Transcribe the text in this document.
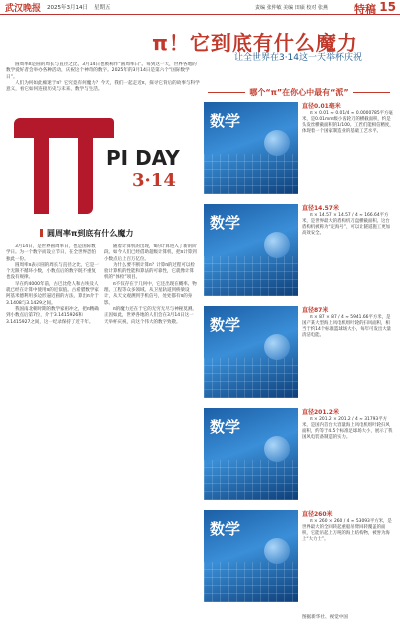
武汉晚报 2025年3月14日 星期五	责编 张仲敏 美编 田硕 校对 张燕 特稿 15
π！它到底有什么魔力
让全世界在3·14这一天举杯庆祝

圆周率π是圆的周长与直径之比，3月14日也被称作“圆周率日”。每到这一天，世界各地的数学爱好者会举办各种活动，庆祝这个神奇的数字。2025年的3月14日是第六个“国际数学日”。

人们为何如此痴迷于π？它究竟有何魔力？今天，我们一起走近π，探寻它背后的故事与科学意义，看它如何连接历史与未来、数学与生活。

PI DAY
3·14
圆周率π到底有什么魔力

3月14日，是世界圆周率日，也是国际数学日。为一个数字而设立节日，在全世界恐怕独此一份。

圆周率π表示圆的周长与直径之比，它是一个无限不循环小数，小数点后的数字既不重复也没有规律。

早在约4000年前，古巴比伦人和古埃及人就已经在计算中使用π的近似值。古希腊数学家阿基米德利用多边形逼近圆的方法，算出π介于3.1408与3.1429之间。

我国南北朝时期的数学家祖冲之，把π精确到小数点后第7位，介于3.1415926和3.1415927之间，这一纪录保持了近千年。

随着计算机的出现，π的计算进入了新的阶段。如今人们已经借助超级计算机，把π计算到小数点后上百万亿位。

为什么要不断计算π？计算π的过程可以检验计算机的性能和算法的可靠性，它就像计算机的“体检”项目。

π不仅存在于几何中，它还出现在概率、物理、工程等众多领域。从卫星轨道到桥梁设计，从天文观测到手机信号，处处都有π的身影。

π的魔力还在于它的无穷无尽与神秘莫测。正因如此，世界各地的人们会在3月14日这一天举杯庆祝，向这个伟大的数字致敬。

哪个“π”在你心中最有“派”
数学
直径0.01毫米

π × 0.01 ≈ 0.01/4 ≈ 0.0000785平方毫米，是0.01mm级小齿轮刀的横截面积，约是头发丝横截面积的1/100。工匠们能相信精度，体现着一个国家制造业的基础工艺水平。

数学
直径14.57米

π × 14.57 × 14.57 / 4 ≈ 166.64平方米，是世界最大的盾构机刀盘横截面积。这台盾构机被称为“定海号”，可以让隧道施工更加高效安全。

数学
直径87米

π × 87 × 87 / 4 ≈ 5941.66平方米，是国产某大型海上风电机组叶轮的扫风面积，相当于约14个标准篮球场大小，每年可发出大量清洁电能。

数学
直径201.2米

π × 201.2 × 201.2 / 4 ≈ 31793平方米，是国内首台大容量海上风电机组叶轮扫风面积，约等于4.5个标准足球场大小，展示了我国风电装备制造的实力。

数学
直径260米

π × 260 × 260 / 4 ≈ 53093平方米，是世界最大的全回转起重船吊臂回转覆盖的面积，它能吊起上万吨的海上结构物，被誉为海上“大力士”。

图据新华社、视觉中国
